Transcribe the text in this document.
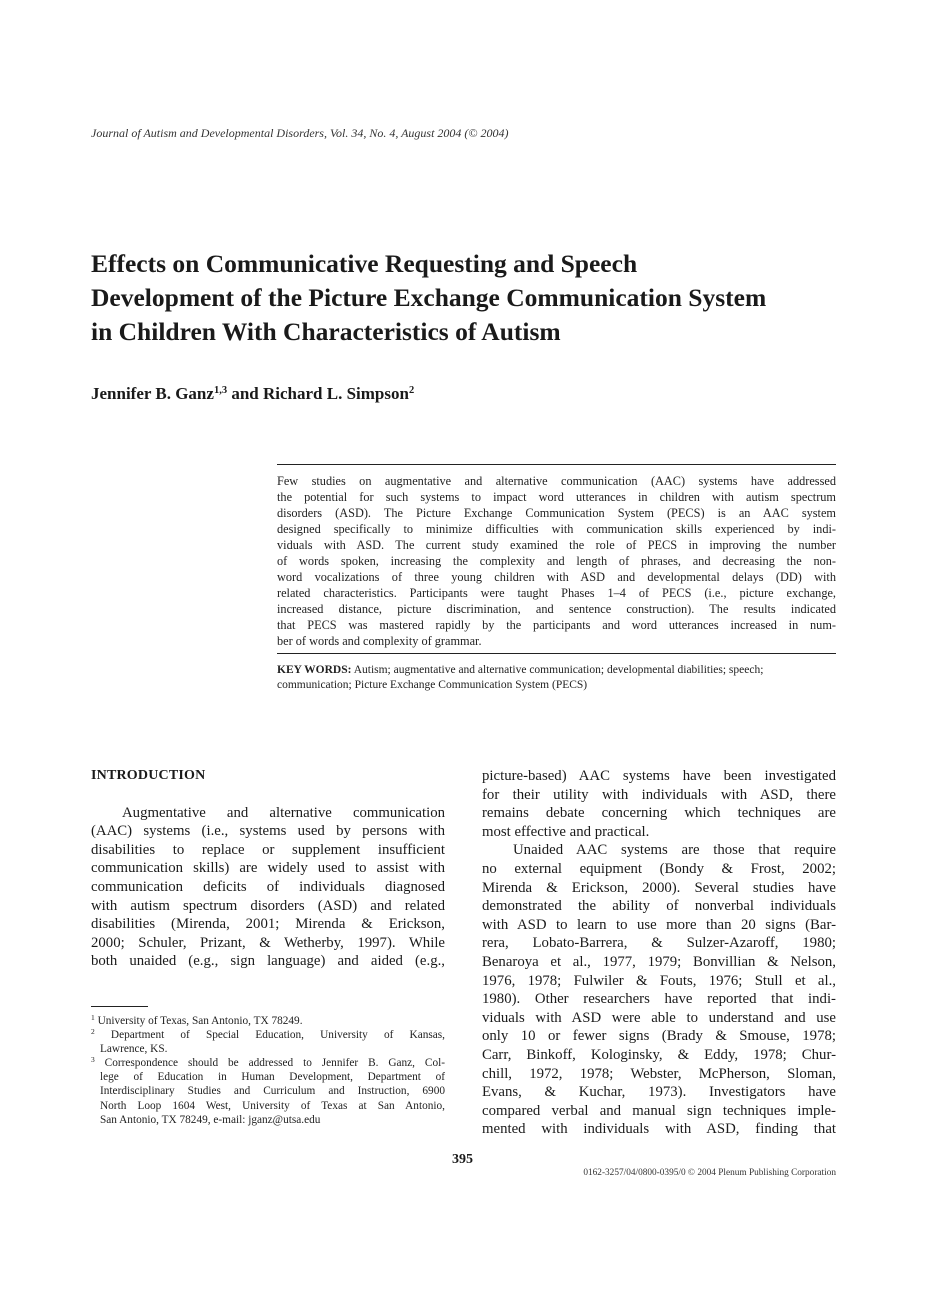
Journal of Autism and Developmental Disorders, Vol. 34, No. 4, August 2004 (© 2004)
Effects on Communicative Requesting and Speech
Development of the Picture Exchange Communication System
in Children With Characteristics of Autism
Jennifer B. Ganz$^{1,3}$ and Richard L. Simpson$^2$
Few studies on augmentative and alternative communication (AAC) systems have addressed
the potential for such systems to impact word utterances in children with autism spectrum
disorders (ASD). The Picture Exchange Communication System (PECS) is an AAC system
designed specifically to minimize difficulties with communication skills experienced by indi-
viduals with ASD. The current study examined the role of PECS in improving the number
of words spoken, increasing the complexity and length of phrases, and decreasing the non-
word vocalizations of three young children with ASD and developmental delays (DD) with
related characteristics. Participants were taught Phases 1–4 of PECS (i.e., picture exchange,
increased distance, picture discrimination, and sentence construction). The results indicated
that PECS was mastered rapidly by the participants and word utterances increased in num-
ber of words and complexity of grammar.
KEY WORDS: Autism; augmentative and alternative communication; developmental diabilities; speech;
communication; Picture Exchange Communication System (PECS)
INTRODUCTION
Augmentative and alternative communication
(AAC) systems (i.e., systems used by persons with
disabilities to replace or supplement insufficient
communication skills) are widely used to assist with
communication deficits of individuals diagnosed
with autism spectrum disorders (ASD) and related
disabilities (Mirenda, 2001; Mirenda & Erickson,
2000; Schuler, Prizant, & Wetherby, 1997). While
both unaided (e.g., sign language) and aided (e.g.,
picture-based) AAC systems have been investigated
for their utility with individuals with ASD, there
remains debate concerning which techniques are
most effective and practical.
Unaided AAC systems are those that require
no external equipment (Bondy & Frost, 2002;
Mirenda & Erickson, 2000). Several studies have
demonstrated the ability of nonverbal individuals
with ASD to learn to use more than 20 signs (Bar-
rera, Lobato-Barrera, & Sulzer-Azaroff, 1980;
Benaroya et al., 1977, 1979; Bonvillian & Nelson,
1976, 1978; Fulwiler & Fouts, 1976; Stull et al.,
1980). Other researchers have reported that indi-
viduals with ASD were able to understand and use
only 10 or fewer signs (Brady & Smouse, 1978;
Carr, Binkoff, Kologinsky, & Eddy, 1978; Chur-
chill, 1972, 1978; Webster, McPherson, Sloman,
Evans, & Kuchar, 1973). Investigators have
compared verbal and manual sign techniques imple-
mented with individuals with ASD, finding that
$^1$ University of Texas, San Antonio, TX 78249.
$^2$ Department of Special Education, University of Kansas,
Lawrence, KS.
$^3$ Correspondence should be addressed to Jennifer B. Ganz, Col-
lege of Education in Human Development, Department of
Interdisciplinary Studies and Curriculum and Instruction, 6900
North Loop 1604 West, University of Texas at San Antonio,
San Antonio, TX 78249, e-mail: jganz@utsa.edu
395
0162-3257/04/0800-0395/0 © 2004 Plenum Publishing Corporation
